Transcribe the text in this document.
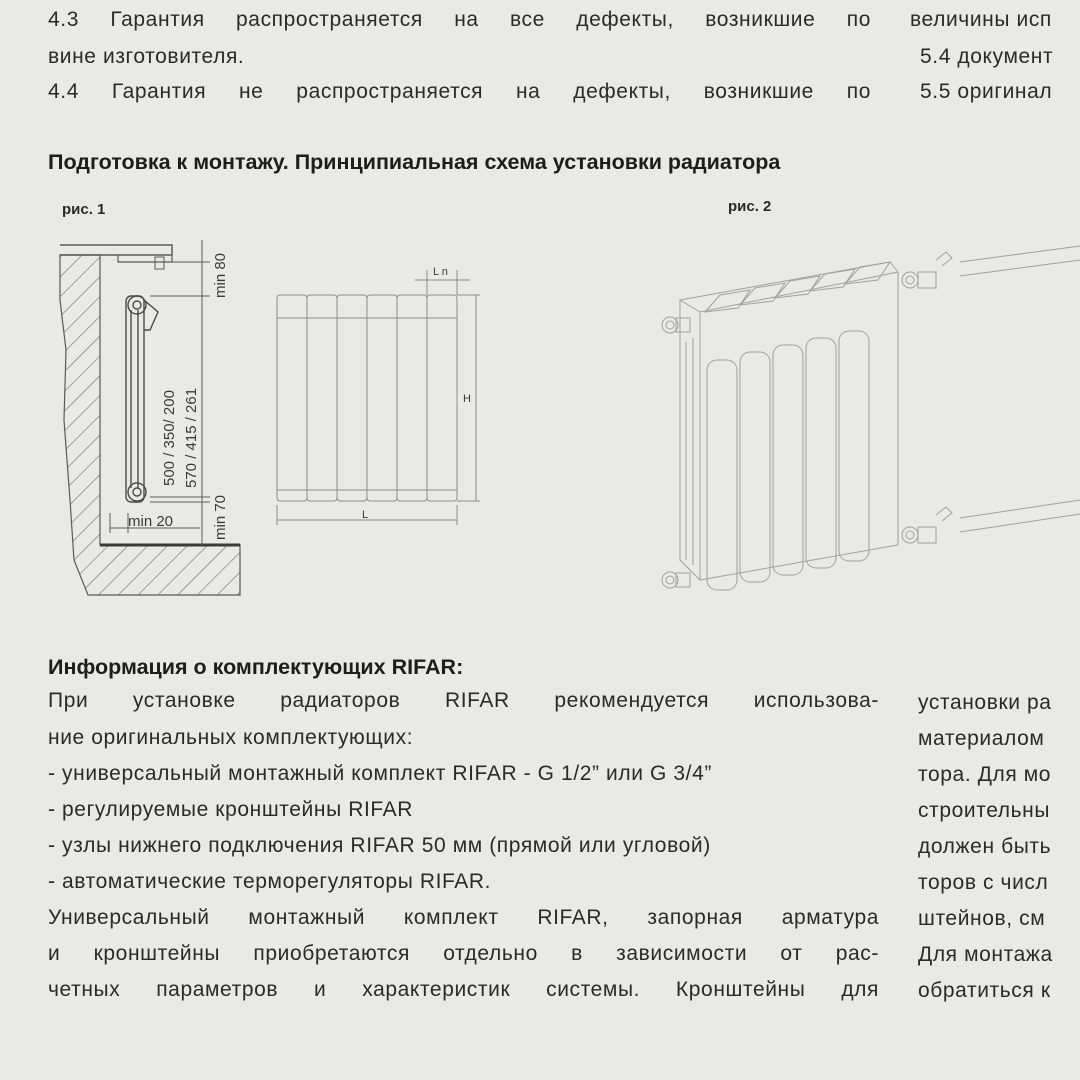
4.3 Гарантия распространяется на все дефекты, возникшие по
вине изготовителя.
4.4 Гарантия не распространяется на дефекты, возникшие по
величины исп
5.4 документ
5.5 оригинал
Подготовка к монтажу. Принципиальная схема установки радиатора
рис. 1	рис. 2
min 80
500 / 350/ 200 570 / 415 / 261
min 70
min 20
L n
H
L
Информация о комплектующих RIFAR:
При установке радиаторов RIFAR рекомендуется использова-
ние оригинальных комплектующих:
- универсальный монтажный комплект RIFAR - G 1/2” или G 3/4”
- регулируемые кронштейны RIFAR
- узлы нижнего подключения RIFAR 50 мм (прямой или угловой)
- автоматические терморегуляторы RIFAR.
Универсальный монтажный комплект RIFAR, запорная арматура
и кронштейны приобретаются отдельно в зависимости от рас-
четных параметров и характеристик системы. Кронштейны для
установки ра
материалом
тора. Для мо
строительны
должен быть
торов с числ
штейнов, см
Для монтажа
обратиться к
